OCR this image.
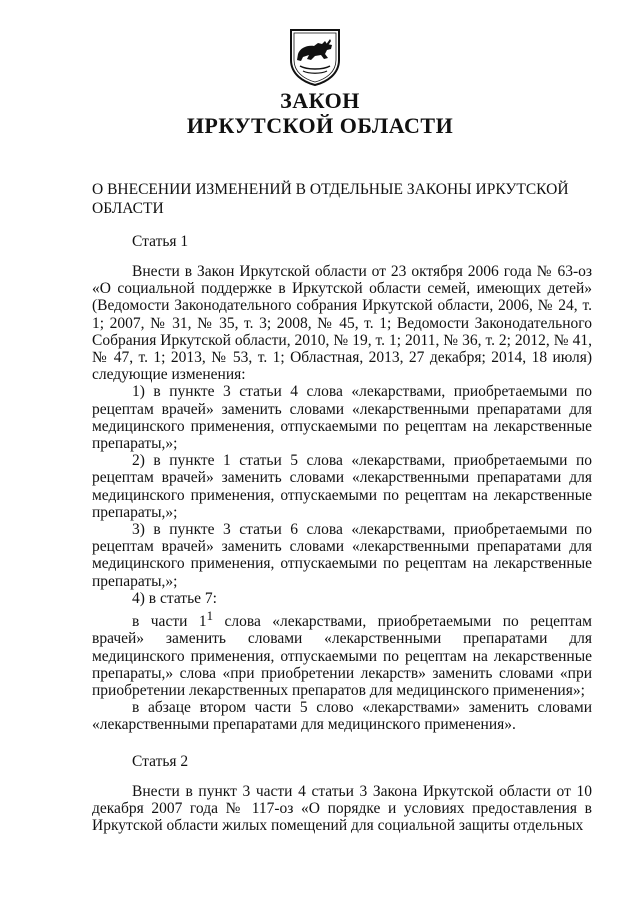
ЗАКОН
ИРКУТСКОЙ ОБЛАСТИ

О ВНЕСЕНИИ ИЗМЕНЕНИЙ В ОТДЕЛЬНЫЕ ЗАКОНЫ ИРКУТСКОЙ ОБЛАСТИ

Статья 1

Внести в Закон Иркутской области от 23 октября 2006 года № 63-оз «О социальной поддержке в Иркутской области семей, имеющих детей» (Ведомости Законодательного собрания Иркутской области, 2006, № 24, т. 1; 2007, № 31, № 35, т. 3; 2008, № 45, т. 1; Ведомости Законодательного Собрания Иркутской области, 2010, № 19, т. 1; 2011, № 36, т. 2; 2012, № 41, № 47, т. 1; 2013, № 53, т. 1; Областная, 2013, 27 декабря; 2014, 18 июля) следующие изменения:

1) в пункте 3 статьи 4 слова «лекарствами, приобретаемыми по рецептам врачей» заменить словами «лекарственными препаратами для медицинского применения, отпускаемыми по рецептам на лекарственные препараты,»;

2) в пункте 1 статьи 5 слова «лекарствами, приобретаемыми по рецептам врачей» заменить словами «лекарственными препаратами для медицинского применения, отпускаемыми по рецептам на лекарственные препараты,»;

3) в пункте 3 статьи 6 слова «лекарствами, приобретаемыми по рецептам врачей» заменить словами «лекарственными препаратами для медицинского применения, отпускаемыми по рецептам на лекарственные препараты,»;

4) в статье 7:

в части $1^1$ слова «лекарствами, приобретаемыми по рецептам врачей» заменить словами «лекарственными препаратами для медицинского применения, отпускаемыми по рецептам на лекарственные препараты,» слова «при приобретении лекарств» заменить словами «при приобретении лекарственных препаратов для медицинского применения»;

в абзаце втором части 5 слово «лекарствами» заменить словами «лекарственными препаратами для медицинского применения».

Статья 2

Внести в пункт 3 части 4 статьи 3 Закона Иркутской области от 10 декабря 2007 года № 117-оз «О порядке и условиях предоставления в Иркутской области жилых помещений для социальной защиты отдельных
